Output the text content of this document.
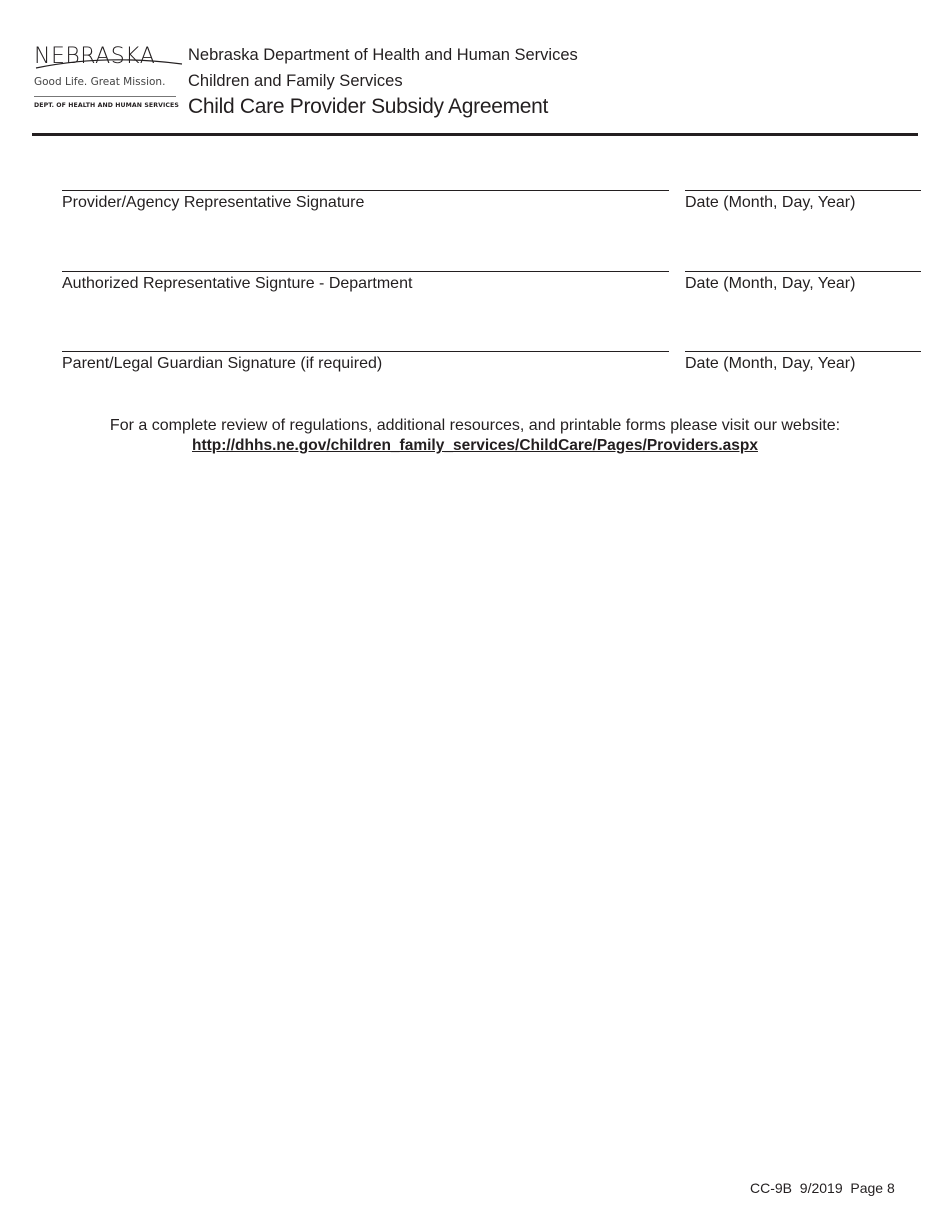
NEBRASKA
Good Life. Great Mission.
DEPT. OF HEALTH AND HUMAN SERVICES
Nebraska Department of Health and Human Services
Children and Family Services
Child Care Provider Subsidy Agreement
Provider/Agency Representative Signature	Date (Month, Day, Year)
Authorized Representative Signture - Department	Date (Month, Day, Year)
Parent/Legal Guardian Signature (if required)	Date (Month, Day, Year)
For a complete review of regulations, additional resources, and printable forms please visit our website:
http://dhhs.ne.gov/children_family_services/ChildCare/Pages/Providers.aspx
CC-9B  9/2019  Page 8
